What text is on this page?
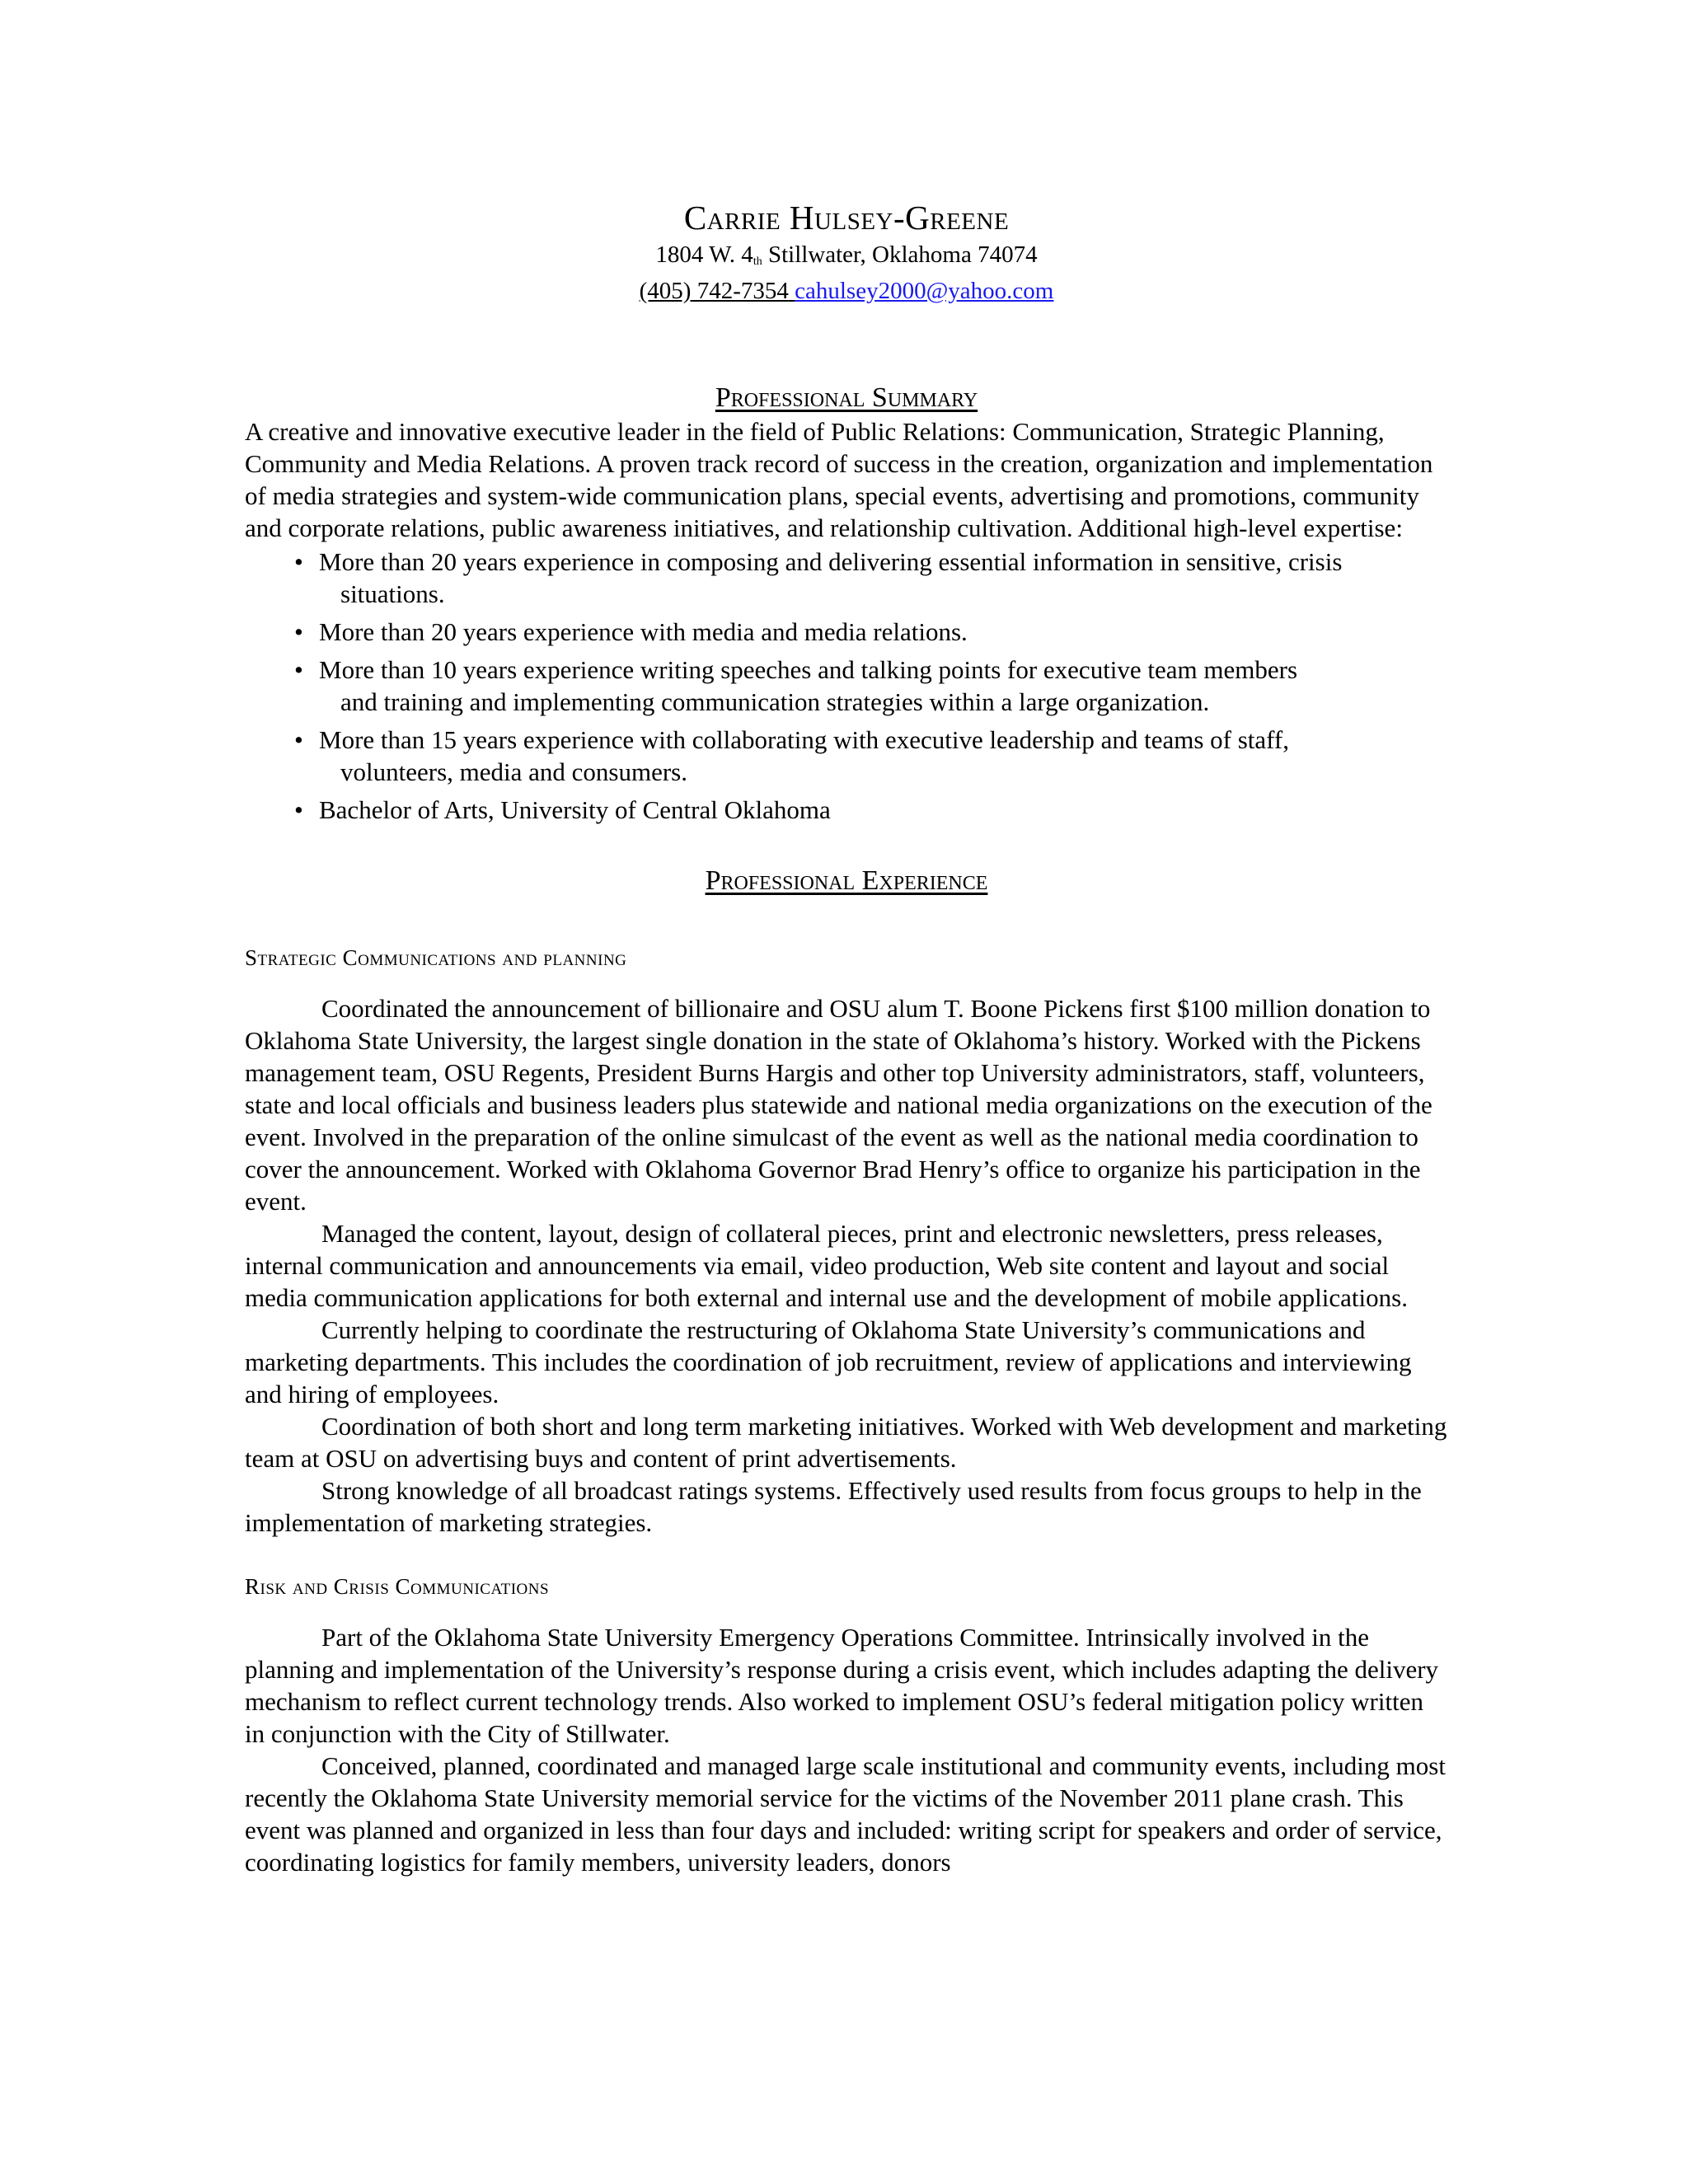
Carrie Hulsey-Greene
1804 W. 4th Stillwater, Oklahoma 74074
(405) 742-7354 cahulsey2000@yahoo.com
Professional Summary

A creative and innovative executive leader in the field of Public Relations: Communication, Strategic Planning, Community and Media Relations. A proven track record of success in the creation, organization and implementation of media strategies and system-wide communication plans, special events, advertising and promotions, community and corporate relations, public awareness initiatives, and relationship cultivation. Additional high-level expertise:

• More than 20 years experience in composing and delivering essential information in sensitive, crisis
situations.
• More than 20 years experience with media and media relations.
• More than 10 years experience writing speeches and talking points for executive team members
and training and implementing communication strategies within a large organization.
• More than 15 years experience with collaborating with executive leadership and teams of staff,
volunteers, media and consumers.
• Bachelor of Arts, University of Central Oklahoma
Professional Experience
Strategic Communications and planning

Coordinated the announcement of billionaire and OSU alum T. Boone Pickens first $100 million donation to Oklahoma State University, the largest single donation in the state of Oklahoma’s history. Worked with the Pickens management team, OSU Regents, President Burns Hargis and other top University administrators, staff, volunteers, state and local officials and business leaders plus statewide and national media organizations on the execution of the event. Involved in the preparation of the online simulcast of the event as well as the national media coordination to cover the announcement. Worked with Oklahoma Governor Brad Henry’s office to organize his participation in the event.

Managed the content, layout, design of collateral pieces, print and electronic newsletters, press releases, internal communication and announcements via email, video production, Web site content and layout and social media communication applications for both external and internal use and the development of mobile applications.

Currently helping to coordinate the restructuring of Oklahoma State University’s communications and marketing departments. This includes the coordination of job recruitment, review of applications and interviewing and hiring of employees.

Coordination of both short and long term marketing initiatives. Worked with Web development and marketing team at OSU on advertising buys and content of print advertisements.

Strong knowledge of all broadcast ratings systems. Effectively used results from focus groups to help in the implementation of marketing strategies.

Risk and Crisis Communications

Part of the Oklahoma State University Emergency Operations Committee. Intrinsically involved in the planning and implementation of the University’s response during a crisis event, which includes adapting the delivery mechanism to reflect current technology trends. Also worked to implement OSU’s federal mitigation policy written in conjunction with the City of Stillwater.

Conceived, planned, coordinated and managed large scale institutional and community events, including most recently the Oklahoma State University memorial service for the victims of the November 2011 plane crash. This event was planned and organized in less than four days and included: writing script for speakers and order of service, coordinating logistics for family members, university leaders, donors
